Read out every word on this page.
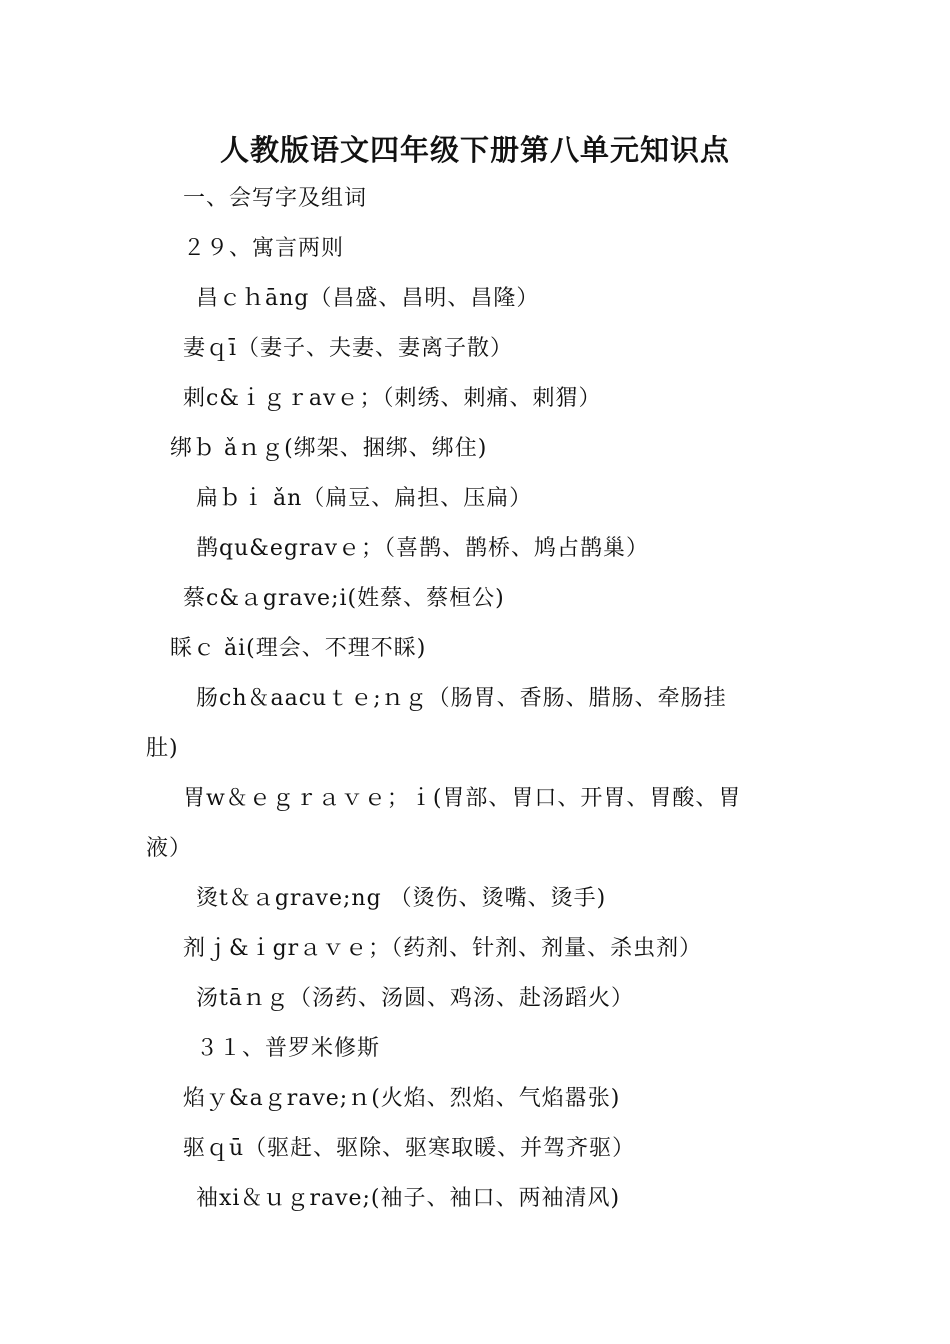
人教版语文四年级下册第八单元知识点
一、会写字及组词
２９、寓言两则
昌ｃｈāng（昌盛、昌明、昌隆）
妻ｑī（妻子、夫妻、妻离子散）
刺c&ｉｇｒavｅ；（刺绣、刺痛、刺猬）
绑ｂ ǎｎｇ(绑架、捆绑、绑住)
扁ｂｉ ǎn（扁豆、扁担、压扁）
鹊qu&egravｅ；（喜鹊、鹊桥、鸠占鹊巢）
蔡c&ａgrave;i(姓蔡、蔡桓公)
睬ｃ ǎi(理会、不理不睬)
肠ch＆aacuｔｅ;ｎｇ（肠胃、香肠、腊肠、牵肠挂
肚)
胃w＆ｅｇｒａｖｅ；ｉ(胃部、胃口、开胃、胃酸、胃
液）
烫t＆ａgrave;ng （烫伤、烫嘴、烫手)
剂ｊ&ｉgrａｖｅ；（药剂、针剂、剂量、杀虫剂）
汤tāｎｇ（汤药、汤圆、鸡汤、赴汤蹈火）
３１、普罗米修斯
焰ｙ&aｇrave;ｎ(火焰、烈焰、气焰嚣张)
驱ｑū（驱赶、驱除、驱寒取暖、并驾齐驱）
袖xi＆ｕｇrave;(袖子、袖口、两袖清风)
